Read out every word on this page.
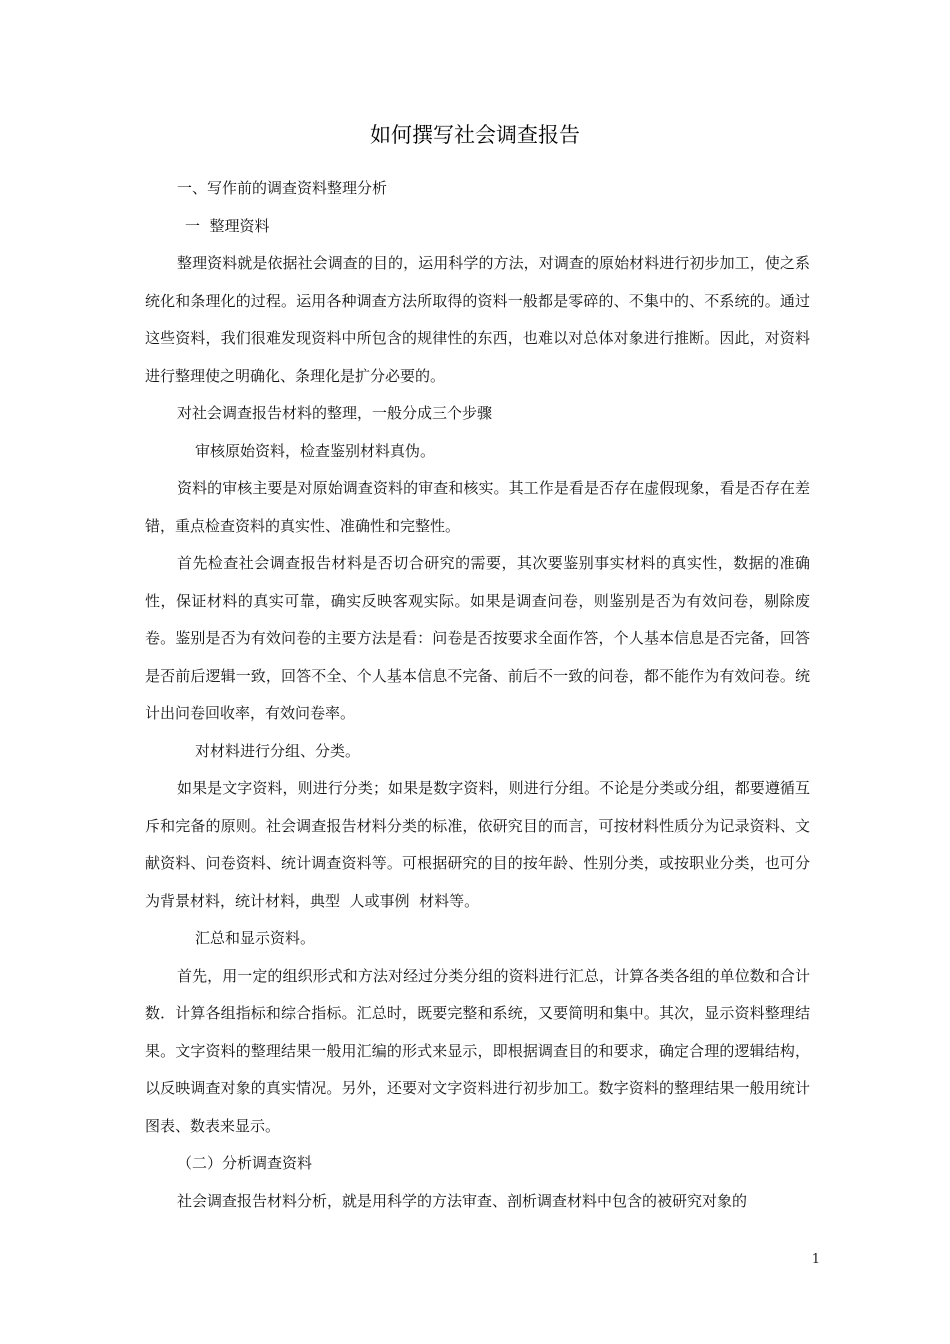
如何撰写社会调查报告

一、写作前的调查资料整理分析

一  整理资料

整理资料就是依据社会调查的目的，运用科学的方法，对调查的原始材料进行初步加工，使之系统化和条理化的过程。运用各种调查方法所取得的资料一般都是零碎的、不集中的、不系统的。通过这些资料，我们很难发现资料中所包含的规律性的东西，也难以对总体对象进行推断。因此，对资料进行整理使之明确化、条理化是扩分必要的。

对社会调查报告材料的整理，一般分成三个步骤

审核原始资料，检查鉴别材料真伪。

资料的审核主要是对原始调查资料的审查和核实。其工作是看是否存在虚假现象，看是否存在差错，重点检查资料的真实性、准确性和完整性。

首先检查社会调查报告材料是否切合研究的需要，其次要鉴别事实材料的真实性，数据的准确性，保证材料的真实可靠，确实反映客观实际。如果是调查问卷，则鉴别是否为有效问卷，剔除废卷。鉴别是否为有效问卷的主要方法是看：问卷是否按要求全面作答，个人基本信息是否完备，回答是否前后逻辑一致，回答不全、个人基本信息不完备、前后不一致的问卷，都不能作为有效问卷。统计出问卷回收率，有效问卷率。

对材料进行分组、分类。

如果是文字资料，则进行分类；如果是数字资料，则进行分组。不论是分类或分组，都要遵循互斥和完备的原则。社会调查报告材料分类的标准，依研究目的而言，可按材料性质分为记录资料、文献资料、问卷资料、统计调查资料等。可根据研究的目的按年龄、性别分类，或按职业分类，也可分为背景材料，统计材料，典型  人或事例  材料等。

汇总和显示资料。

首先，用一定的组织形式和方法对经过分类分组的资料进行汇总，计算各类各组的单位数和合计数．计算各组指标和综合指标。汇总时，既要完整和系统，又要简明和集中。其次，显示资料整理结果。文字资料的整理结果一般用汇编的形式来显示，即根据调查目的和要求，确定合理的逻辑结构，以反映调查对象的真实情况。另外，还要对文字资料进行初步加工。数字资料的整理结果一般用统计图表、数表来显示。

（二）分析调查资料

社会调查报告材料分析，就是用科学的方法审查、剖析调查材料中包含的被研究对象的

1
